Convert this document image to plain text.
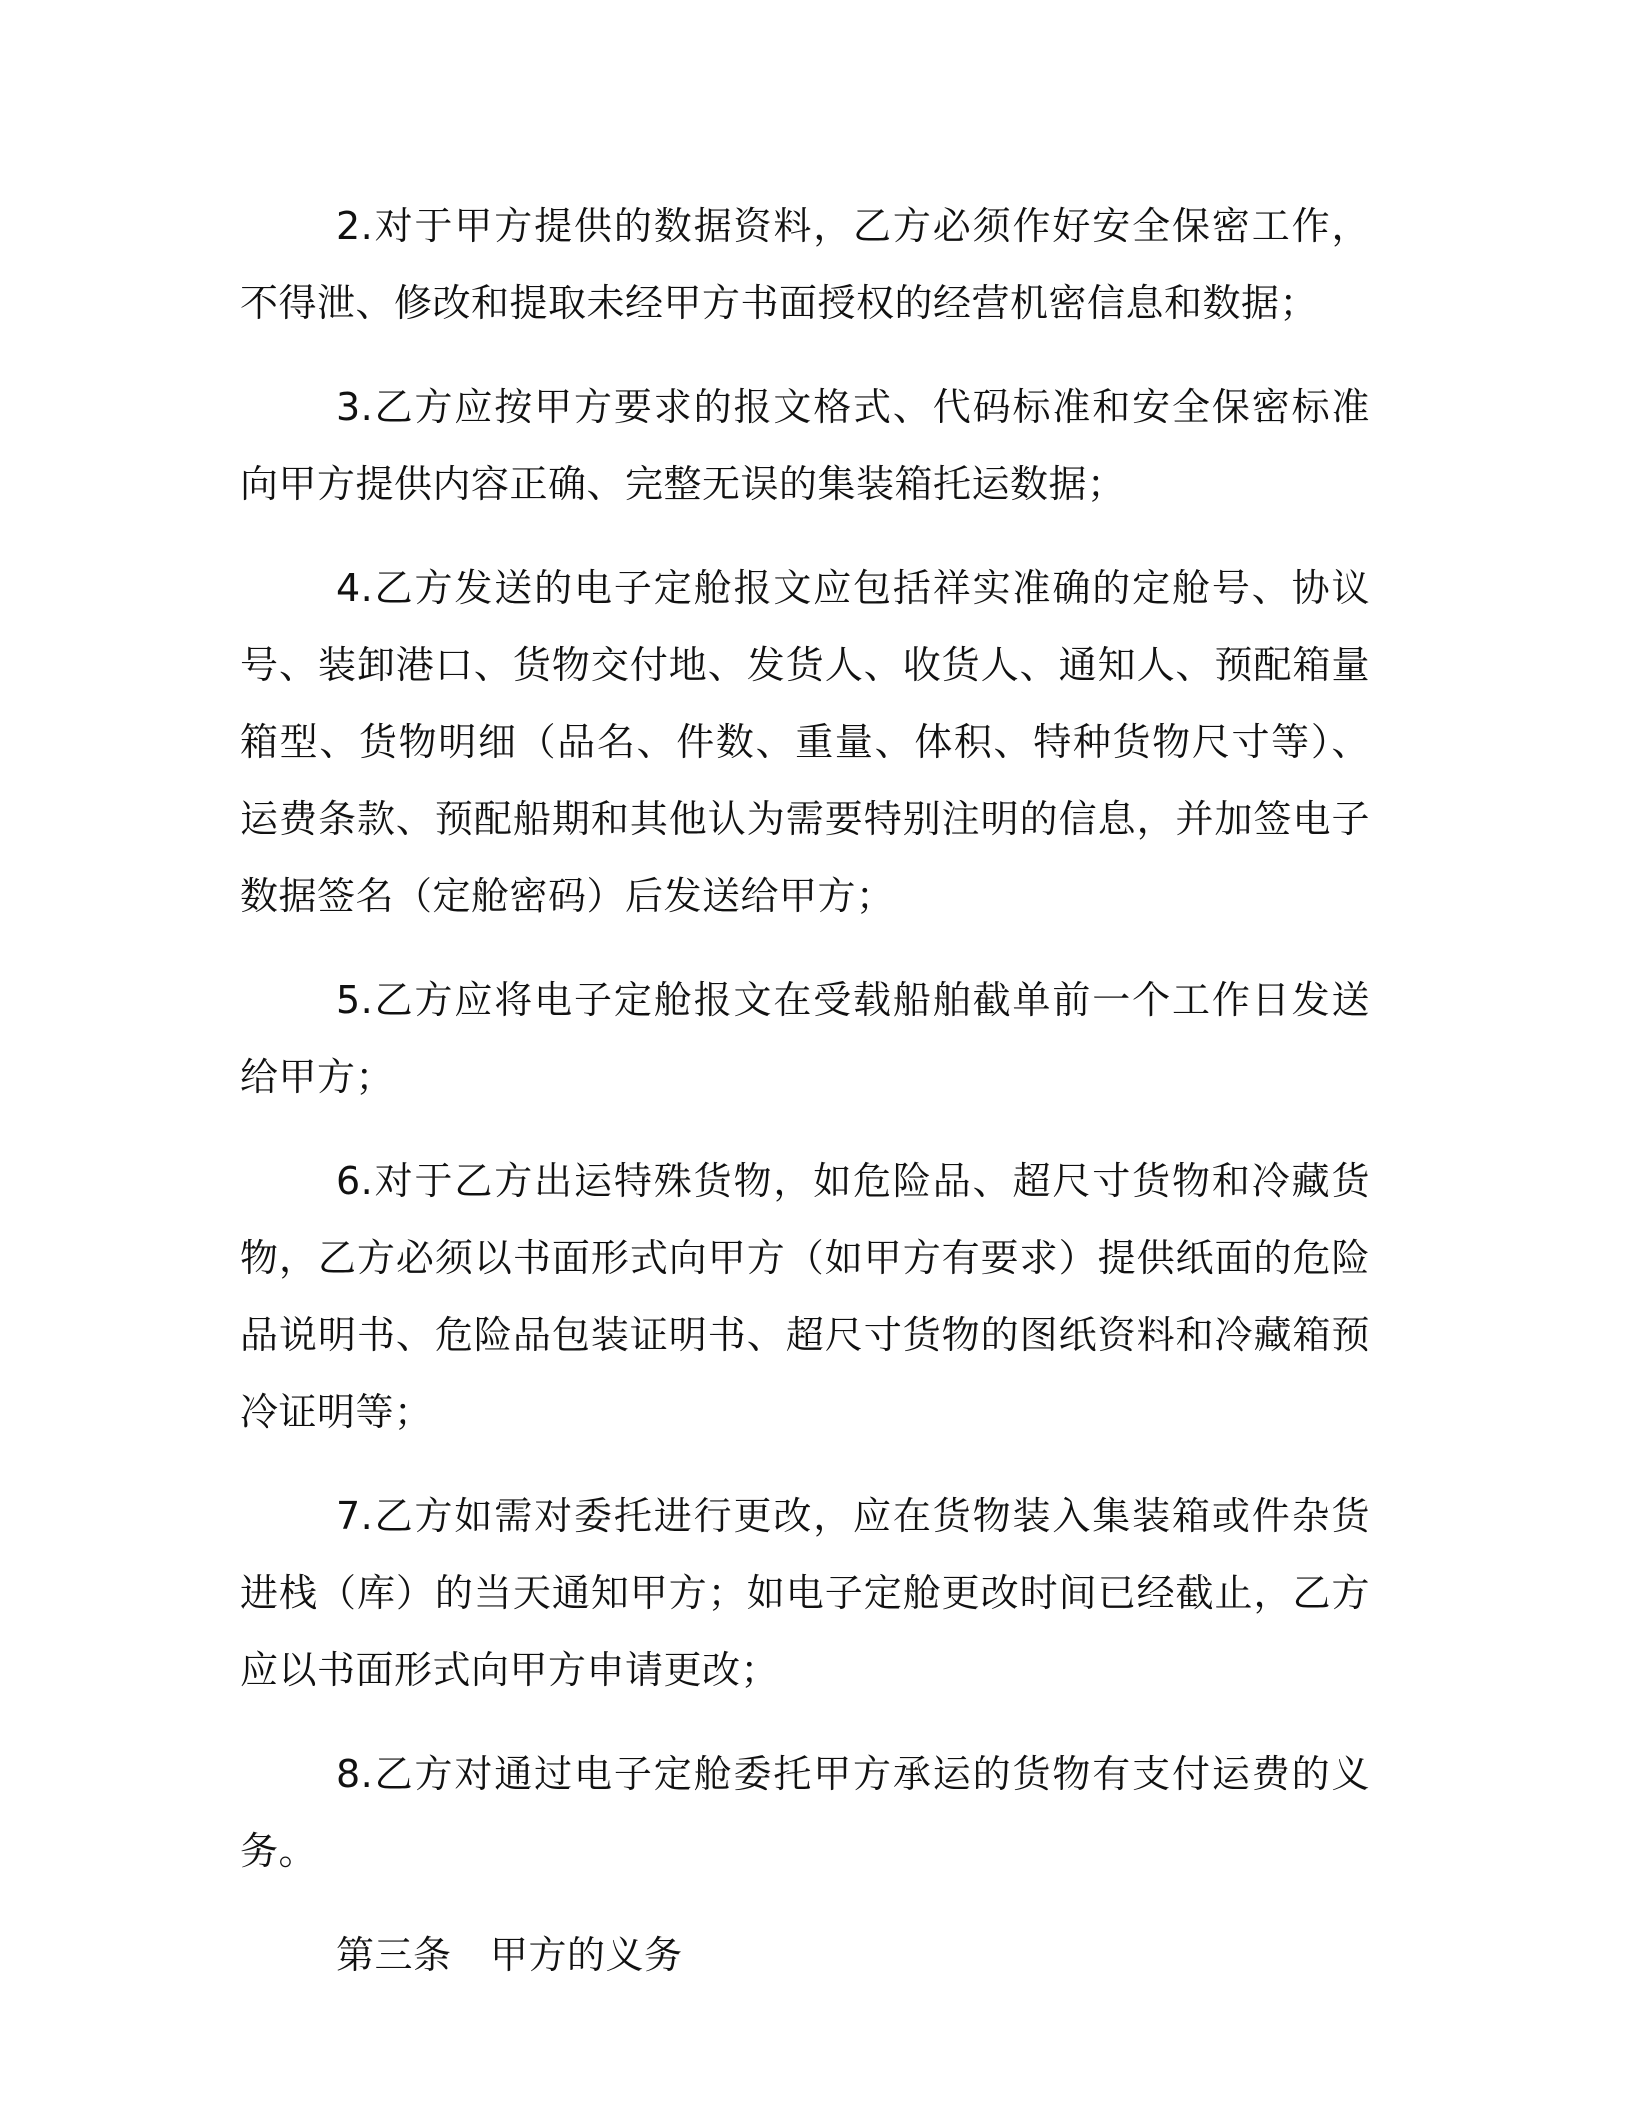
2.对于甲方提供的数据资料，乙方必须作好安全保密工作，不得泄、修改和提取未经甲方书面授权的经营机密信息和数据；

3.乙方应按甲方要求的报文格式、代码标准和安全保密标准向甲方提供内容正确、完整无误的集装箱托运数据；

4.乙方发送的电子定舱报文应包括祥实准确的定舱号、协议号、装卸港口、货物交付地、发货人、收货人、通知人、预配箱量箱型、货物明细（品名、件数、重量、体积、特种货物尺寸等）、运费条款、预配船期和其他认为需要特别注明的信息，并加签电子数据签名（定舱密码）后发送给甲方；

5.乙方应将电子定舱报文在受载船舶截单前一个工作日发送给甲方；

6.对于乙方出运特殊货物，如危险品、超尺寸货物和冷藏货物，乙方必须以书面形式向甲方（如甲方有要求）提供纸面的危险品说明书、危险品包装证明书、超尺寸货物的图纸资料和冷藏箱预冷证明等；

7.乙方如需对委托进行更改，应在货物装入集装箱或件杂货进栈（库）的当天通知甲方；如电子定舱更改时间已经截止，乙方应以书面形式向甲方申请更改；

8.乙方对通过电子定舱委托甲方承运的货物有支付运费的义务。

第三条　甲方的义务
